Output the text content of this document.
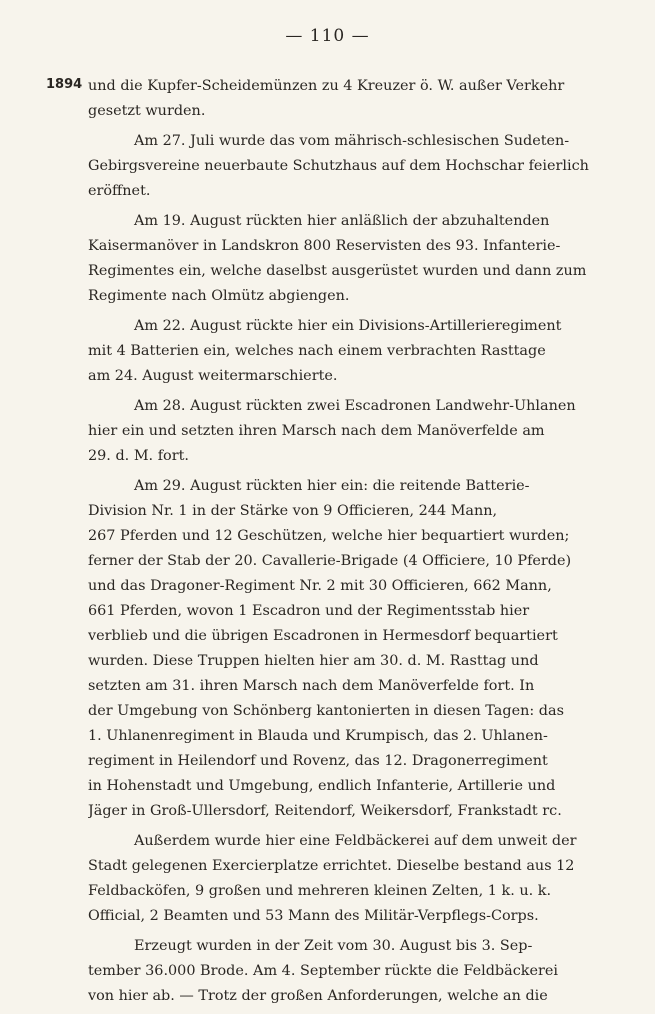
— 110 —
1894 und die Kupfer-Scheidemünzen zu 4 Kreuzer ö. W. außer Verkehr
gesetzt wurden.
Am 27. Juli wurde das vom mährisch-schlesischen Sudeten-
Gebirgsvereine neuerbaute Schutzhaus auf dem Hochschar feierlich
eröffnet.
Am 19. August rückten hier anläßlich der abzuhaltenden
Kaisermanöver in Landskron 800 Reservisten des 93. Infanterie-
Regimentes ein, welche daselbst ausgerüstet wurden und dann zum
Regimente nach Olmütz abgiengen.
Am 22. August rückte hier ein Divisions-Artillerieregiment
mit 4 Batterien ein, welches nach einem verbrachten Rasttage
am 24. August weitermarschierte.
Am 28. August rückten zwei Escadronen Landwehr-Uhlanen
hier ein und setzten ihren Marsch nach dem Manöverfelde am
29. d. M. fort.
Am 29. August rückten hier ein: die reitende Batterie-
Division Nr. 1 in der Stärke von 9 Officieren, 244 Mann,
267 Pferden und 12 Geschützen, welche hier bequartiert wurden;
ferner der Stab der 20. Cavallerie-Brigade (4 Officiere, 10 Pferde)
und das Dragoner-Regiment Nr. 2 mit 30 Officieren, 662 Mann,
661 Pferden, wovon 1 Escadron und der Regimentsstab hier
verblieb und die übrigen Escadronen in Hermesdorf bequartiert
wurden. Diese Truppen hielten hier am 30. d. M. Rasttag und
setzten am 31. ihren Marsch nach dem Manöverfelde fort. In
der Umgebung von Schönberg kantonierten in diesen Tagen: das
1. Uhlanenregiment in Blauda und Krumpisch, das 2. Uhlanen-
regiment in Heilendorf und Rovenz, das 12. Dragonerregiment
in Hohenstadt und Umgebung, endlich Infanterie, Artillerie und
Jäger in Groß-Ullersdorf, Reitendorf, Weikersdorf, Frankstadt rc.
Außerdem wurde hier eine Feldbäckerei auf dem unweit der
Stadt gelegenen Exercierplatze errichtet. Dieselbe bestand aus 12
Feldbacköfen, 9 großen und mehreren kleinen Zelten, 1 k. u. k.
Official, 2 Beamten und 53 Mann des Militär-Verpflegs-Corps.
Erzeugt wurden in der Zeit vom 30. August bis 3. Sep-
tember 36.000 Brode. Am 4. September rückte die Feldbäckerei
von hier ab. — Trotz der großen Anforderungen, welche an die
